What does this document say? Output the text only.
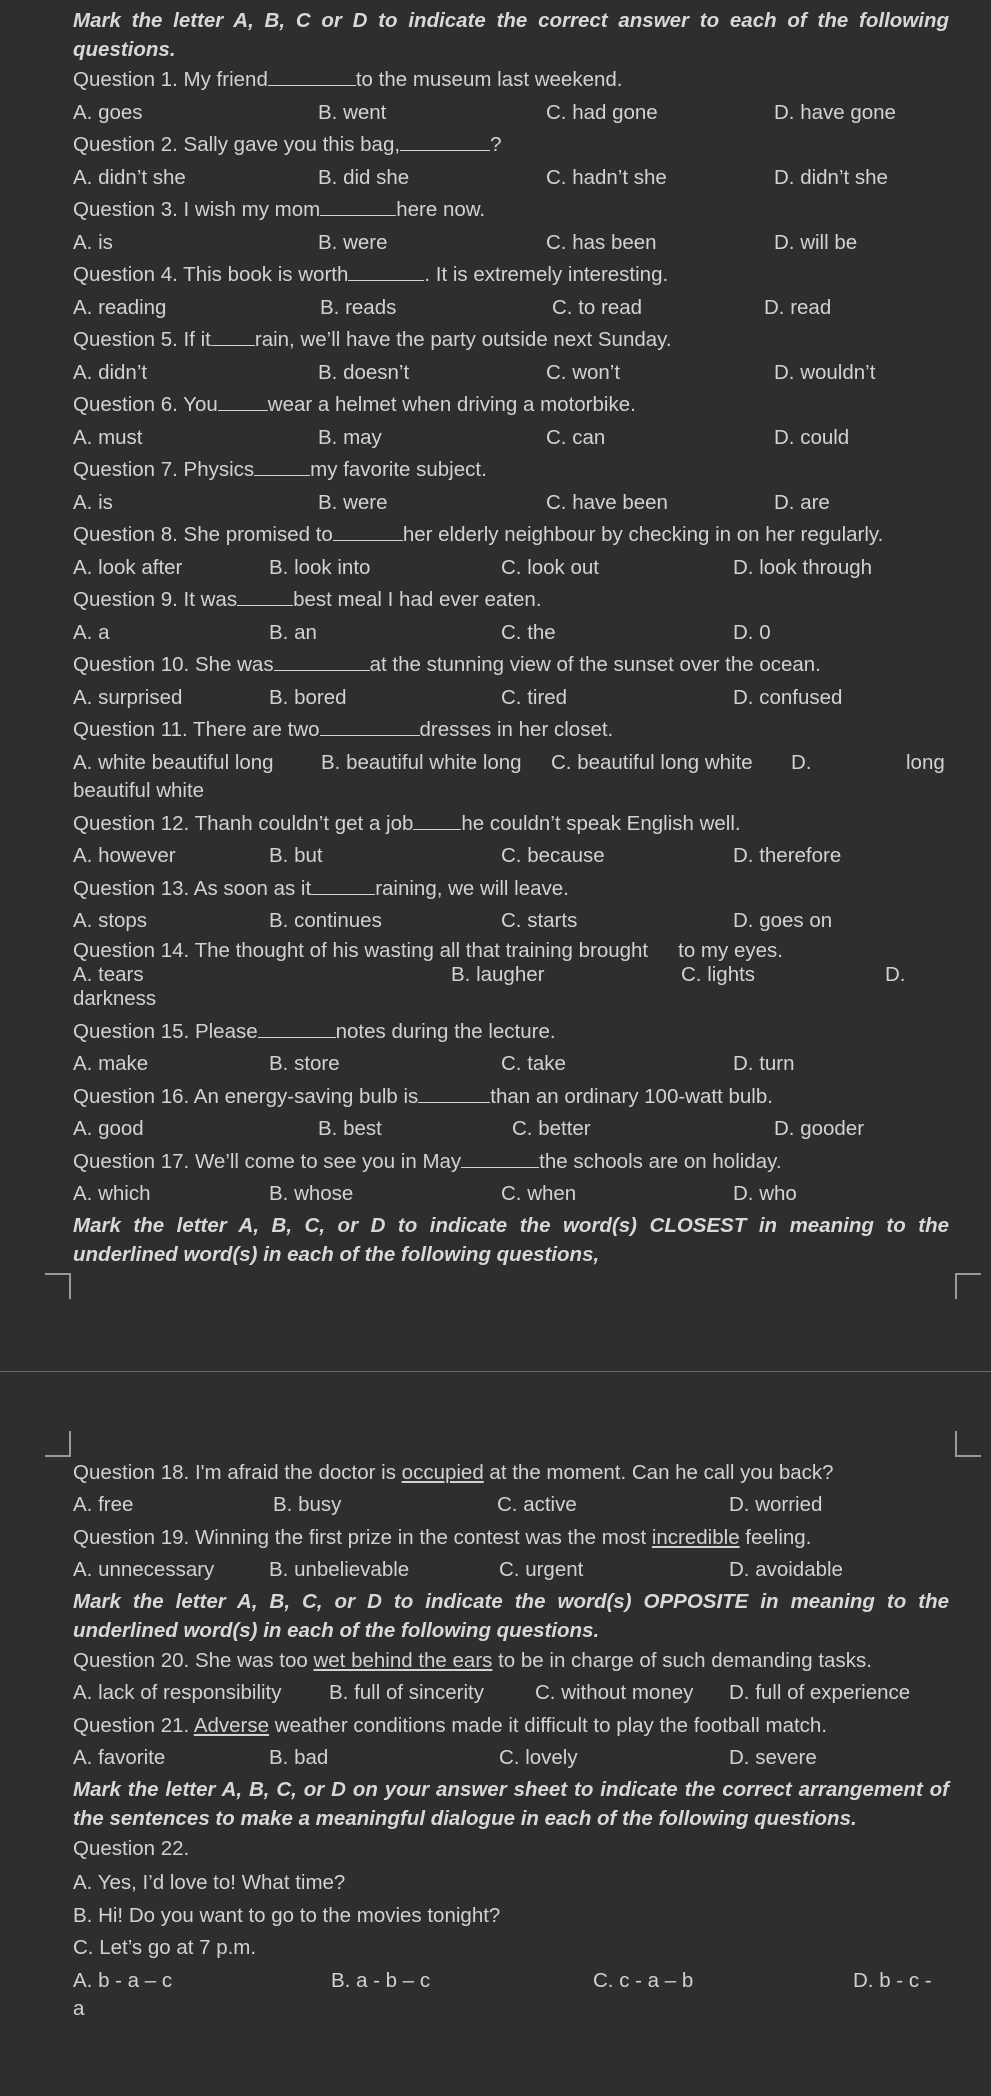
Mark the letter A, B, C or D to indicate the correct answer to each of the following questions.
Question 1. My friend	to the museum last weekend.
A. goes	B. went	C. had gone	D. have gone
Question 2. Sally gave you this bag,	?
A. didn’t she	B. did she	C. hadn’t she	D. didn’t she
Question 3. I wish my mom	here now.
A. is	B. were	C. has been	D. will be
Question 4. This book is worth	. It is extremely interesting.
A. reading	B. reads	C. to read	D. read
Question 5. If it rain, we’ll have the party outside next Sunday.
A. didn’t	B. doesn’t	C. won’t	D. wouldn’t
Question 6. You wear a helmet when driving a motorbike.
A. must	B. may	C. can	D. could
Question 7. Physics	my favorite subject.
A. is	B. were	C. have been	D. are
Question 8. She promised to	her elderly neighbour by checking in on her regularly.
A. look after	B. look into	C. look out	D. look through
Question 9. It was	best meal I had ever eaten.
A. a	B. an	C. the	D. 0
Question 10. She was	at the stunning view of the sunset over the ocean.
A. surprised	B. bored	C. tired	D. confused
Question 11. There are two	dresses in her closet.
A. white beautiful long	B. beautiful white long	C. beautiful long white	D.	long
beautiful white
Question 12. Thanh couldn’t get a job he couldn’t speak English well.
A. however	B. but	C. because	D. therefore
Question 13. As soon as it	raining, we will leave.
A. stops	B. continues	C. starts	D. goes on
Question 14. The thought of his wasting all that training brought to my eyes.
A. tears	B. laugher	C. lights	D.
darkness
Question 15. Please	notes during the lecture.
A. make	B. store	C. take	D. turn
Question 16. An energy-saving bulb is	than an ordinary 100-watt bulb.
A. good	B. best	C. better	D. gooder
Question 17. We’ll come to see you in May	the schools are on holiday.
A. which	B. whose	C. when	D. who
Mark the letter A, B, C, or D to indicate the word(s) CLOSEST in meaning to the underlined word(s) in each of the following questions,
Question 18. I'm afraid the doctor is occupied at the moment. Can he call you back?
A. free	B. busy	C. active	D. worried
Question 19. Winning the first prize in the contest was the most incredible feeling.
A. unnecessary	B. unbelievable	C. urgent	D. avoidable
Mark the letter A, B, C, or D to indicate the word(s) OPPOSITE in meaning to the underlined word(s) in each of the following questions.
Question 20. She was too wet behind the ears to be in charge of such demanding tasks.
A. lack of responsibility	B. full of sincerity	C. without money	D. full of experience
Question 21. Adverse weather conditions made it difficult to play the football match.
A. favorite	B. bad	C. lovely	D. severe
Mark the letter A, B, C, or D on your answer sheet to indicate the correct arrangement of the sentences to make a meaningful dialogue in each of the following questions.
Question 22.
A. Yes, I’d love to! What time?
B. Hi! Do you want to go to the movies tonight?
C. Let’s go at 7 p.m.
A. b - a – c	B. a - b – c	C. c - a – b	D. b - c -
a
